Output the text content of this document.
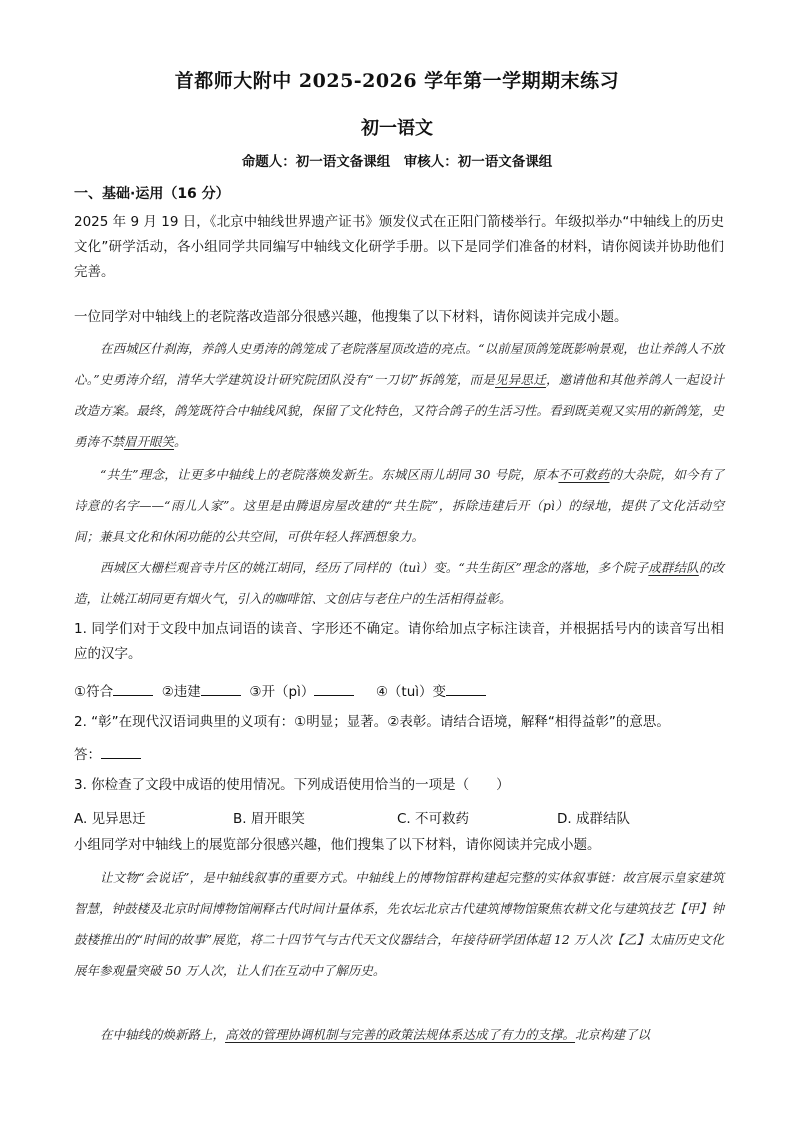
首都师大附中 2025-2026 学年第一学期期末练习
初一语文
命题人：初一语文备课组　审核人：初一语文备课组
一、基础·运用（16 分）
2025 年 9 月 19 日，《北京中轴线世界遗产证书》颁发仪式在正阳门箭楼举行。年级拟举办“中轴线上的历史文化”研学活动，各小组同学共同编写中轴线文化研学手册。以下是同学们准备的材料，请你阅读并协助他们完善。
一位同学对中轴线上的老院落改造部分很感兴趣，他搜集了以下材料，请你阅读并完成小题。
在西城区什刹海，养鸽人史勇涛的鸽笼成了老院落屋顶改造的亮点。“以前屋顶鸽笼既影响景观，也让养鸽人不放心。”史勇涛介绍，清华大学建筑设计研究院团队没有“一刀切”拆鸽笼，而是见异思迁，邀请他和其他养鸽人一起设计改造方案。最终，鸽笼既符合中轴线风貌，保留了文化特色，又符合鸽子的生活习性。看到既美观又实用的新鸽笼，史勇涛不禁眉开眼笑。
“共生”理念，让更多中轴线上的老院落焕发新生。东城区雨儿胡同 30 号院，原本不可救药的大杂院，如今有了诗意的名字——“雨儿人家”。这里是由腾退房屋改建的“共生院”，拆除违建后开（pì）的绿地，提供了文化活动空间；兼具文化和休闲功能的公共空间，可供年轻人挥洒想象力。
西城区大栅栏观音寺片区的姚江胡同，经历了同样的（tuì）变。“共生街区”理念的落地，多个院子成群结队的改造，让姚江胡同更有烟火气，引入的咖啡馆、文创店与老住户的生活相得益彰。
1. 同学们对于文段中加点词语的读音、字形还不确定。请你给加点字标注读音，并根据括号内的读音写出相应的汉字。
①符合	②违建	③开（pì）	④（tuì）变
2. “彰”在现代汉语词典里的义项有：①明显；显著。②表彰。请结合语境，解释“相得益彰”的意思。
答：
3. 你检查了文段中成语的使用情况。下列成语使用恰当的一项是（　　）
A. 见异思迁	B. 眉开眼笑	C. 不可救药	D. 成群结队
小组同学对中轴线上的展览部分很感兴趣，他们搜集了以下材料，请你阅读并完成小题。
让文物“会说话”，是中轴线叙事的重要方式。中轴线上的博物馆群构建起完整的实体叙事链：故宫展示皇家建筑智慧，钟鼓楼及北京时间博物馆阐释古代时间计量体系，先农坛北京古代建筑博物馆聚焦农耕文化与建筑技艺【甲】钟鼓楼推出的“时间的故事”展览，将二十四节气与古代天文仪器结合，年接待研学团体超 12 万人次【乙】太庙历史文化展年参观量突破 50 万人次，让人们在互动中了解历史。
在中轴线的焕新路上，高效的管理协调机制与完善的政策法规体系达成了有力的支撑。北京构建了以
